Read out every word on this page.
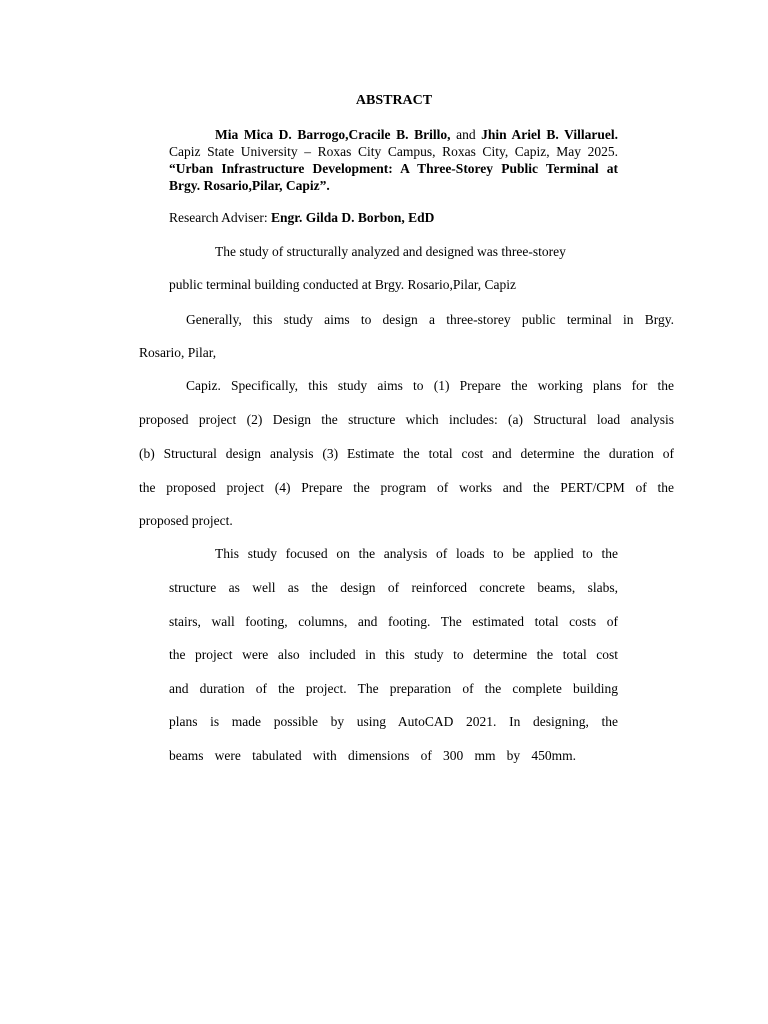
ABSTRACT
Mia Mica D. Barrogo,Cracile B. Brillo, and Jhin Ariel B. Villaruel. Capiz State University – Roxas City Campus, Roxas City, Capiz, May 2025. “Urban Infrastructure Development: A Three-Storey Public Terminal at Brgy. Rosario,Pilar, Capiz”.
Research Adviser: Engr. Gilda D. Borbon, EdD
The study of structurally analyzed and designed was three-storey
public terminal building conducted at Brgy. Rosario,Pilar, Capiz
Generally, this study aims to design a three-storey public terminal in Brgy.
Rosario, Pilar,
Capiz. Specifically, this study aims to (1) Prepare the working plans for the
proposed project (2) Design the structure which includes: (a) Structural load analysis
(b) Structural design analysis (3) Estimate the total cost and determine the duration of
the proposed project (4) Prepare the program of works and the PERT/CPM of the
proposed project.
This study focused on the analysis of loads to be applied to the
structure as well as the design of reinforced concrete beams, slabs,
stairs, wall footing, columns, and footing. The estimated total costs of
the project were also included in this study to determine the total cost
and duration of the project. The preparation of the complete building
plans is made possible by using AutoCAD 2021. In designing, the
beams were tabulated with dimensions of 300 mm by 450mm.
